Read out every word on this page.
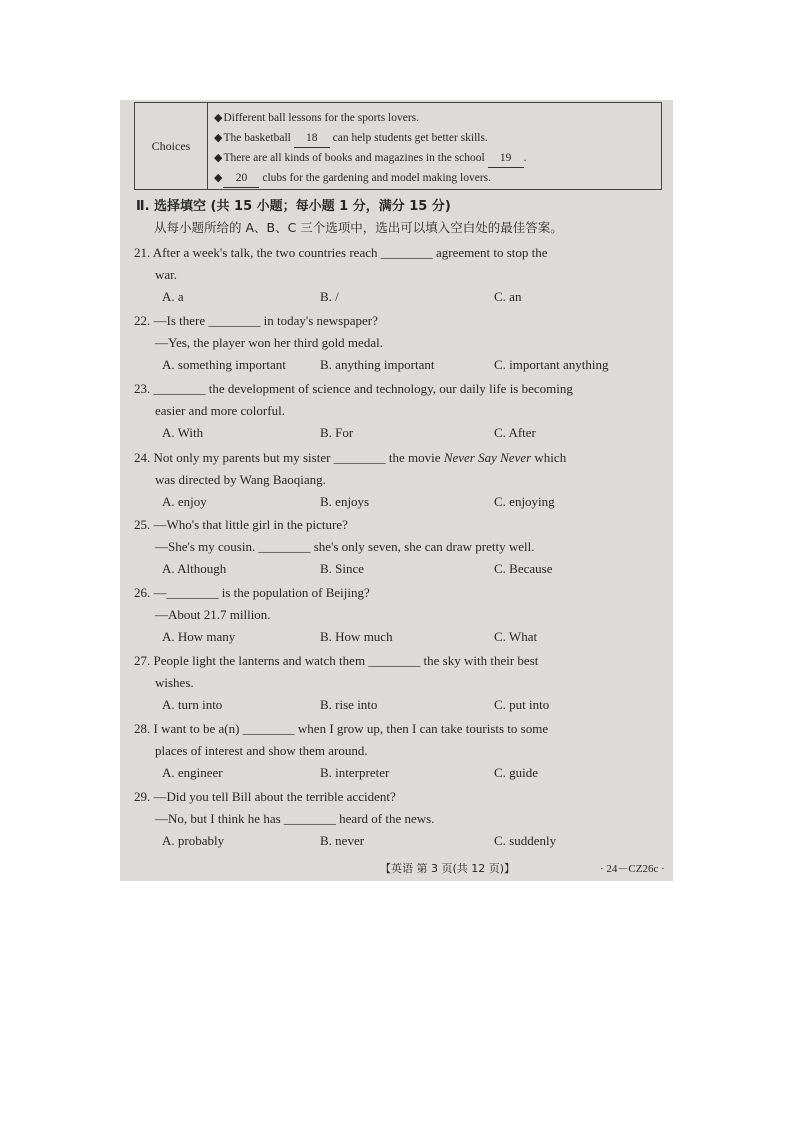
Choices
◆Different ball lessons for the sports lovers.
◆The basketball 18 can help students get better skills.
◆There are all kinds of books and magazines in the school 19 .
◆ 20 clubs for the gardening and model making lovers.
Ⅱ. 选择填空 (共 15 小题；每小题 1 分，满分 15 分)
从每小题所给的 A、B、C 三个选项中，选出可以填入空白处的最佳答案。
21. After a week's talk, the two countries reach ________ agreement to stop the
war.
A. a	B. /	C. an
22. —Is there ________ in today's newspaper?
—Yes, the player won her third gold medal.
A. something important	B. anything important	C. important anything
23. ________ the development of science and technology, our daily life is becoming
easier and more colorful.
A. With	B. For	C. After
24. Not only my parents but my sister ________ the movie Never Say Never which
was directed by Wang Baoqiang.
A. enjoy	B. enjoys	C. enjoying
25. —Who's that little girl in the picture?
—She's my cousin. ________ she's only seven, she can draw pretty well.
A. Although	B. Since	C. Because
26. —________ is the population of Beijing?
—About 21.7 million.
A. How many	B. How much	C. What
27. People light the lanterns and watch them ________ the sky with their best
wishes.
A. turn into	B. rise into	C. put into
28. I want to be a(n) ________ when I grow up, then I can take tourists to some
places of interest and show them around.
A. engineer	B. interpreter	C. guide
29. —Did you tell Bill about the terrible accident?
—No, but I think he has ________ heard of the news.
A. probably	B. never	C. suddenly
【英语 第 3 页(共 12 页)】	· 24－CZ26c ·
